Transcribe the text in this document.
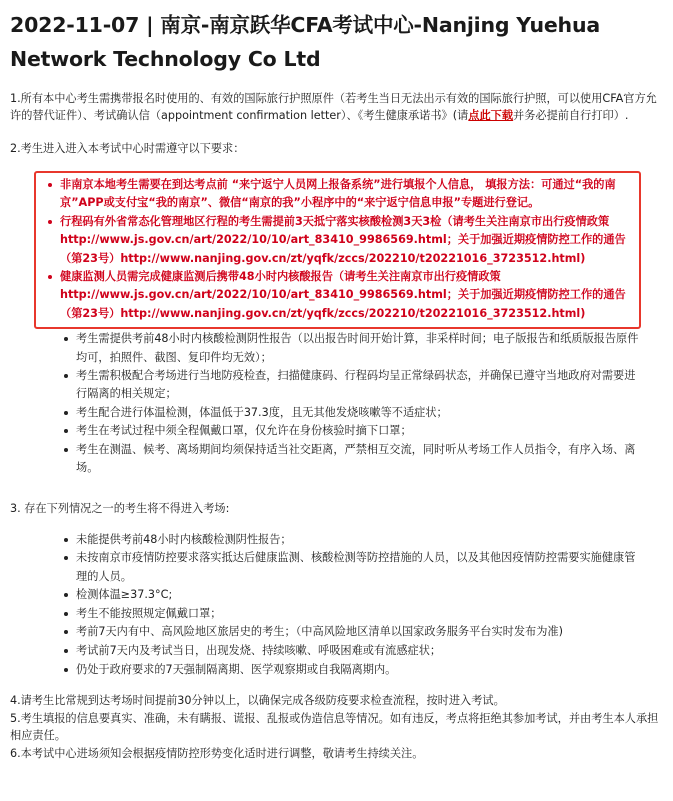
2022-11-07 | 南京-南京跃华CFA考试中心-Nanjing Yuehua Network Technology Co Ltd

1.所有本中心考生需携带报名时使用的、有效的国际旅行护照原件（若考生当日无法出示有效的国际旅行护照，可以使用CFA官方允许的替代证件）、考试确认信（appointment confirmation letter）、《考生健康承诺书》(请点此下载并务必提前自行打印）.

2.考生进入进入本考试中心时需遵守以下要求：

非南京本地考生需要在到达考点前 “来宁返宁人员网上报备系统”进行填报个人信息， 填报方法：可通过“我的南京”APP或支付宝“我的南京”、微信“南京的我”小程序中的“来宁返宁信息申报”专题进行登记。
行程码有外省常态化管理地区行程的考生需提前3天抵宁落实核酸检测3天3检（请考生关注南京市出行疫情政策 http://www.js.gov.cn/art/2022/10/10/art_83410_9986569.html；关于加强近期疫情防控工作的通告（第23号）http://www.nanjing.gov.cn/zt/yqfk/zccs/202210/t20221016_3723512.html)
健康监测人员需完成健康监测后携带48小时内核酸报告（请考生关注南京市出行疫情政策 http://www.js.gov.cn/art/2022/10/10/art_83410_9986569.html；关于加强近期疫情防控工作的通告（第23号）http://www.nanjing.gov.cn/zt/yqfk/zccs/202210/t20221016_3723512.html)
考生需提供考前48小时内核酸检测阴性报告（以出报告时间开始计算，非采样时间；电子版报告和纸质版报告原件均可，拍照件、截图、复印件均无效）；
考生需积极配合考场进行当地防疫检查，扫描健康码、行程码均呈正常绿码状态，并确保已遵守当地政府对需要进行隔离的相关规定；
考生配合进行体温检测，体温低于37.3度，且无其他发烧咳嗽等不适症状；
考生在考试过程中须全程佩戴口罩，仅允许在身份核验时摘下口罩；
考生在测温、候考、离场期间均须保持适当社交距离，严禁相互交流，同时听从考场工作人员指令，有序入场、离场。

3. 存在下列情况之一的考生将不得进入考场:

未能提供考前48小时内核酸检测阴性报告；
未按南京市疫情防控要求落实抵达后健康监测、核酸检测等防控措施的人员，以及其他因疫情防控需要实施健康管理的人员。
检测体温≥37.3°C;
考生不能按照规定佩戴口罩；
考前7天内有中、高风险地区旅居史的考生；（中高风险地区清单以国家政务服务平台实时发布为准)
考试前7天内及考试当日，出现发烧、持续咳嗽、呼吸困难或有流感症状；
仍处于政府要求的7天强制隔离期、医学观察期或自我隔离期内。

4.请考生比常规到达考场时间提前30分钟以上，以确保完成各级防疫要求检查流程，按时进入考试。

5.考生填报的信息要真实、准确，未有瞒报、谎报、乱报或伪造信息等情况。如有违反，考点将拒绝其参加考试，并由考生本人承担相应责任。

6.本考试中心进场须知会根据疫情防控形势变化适时进行调整，敬请考生持续关注。
